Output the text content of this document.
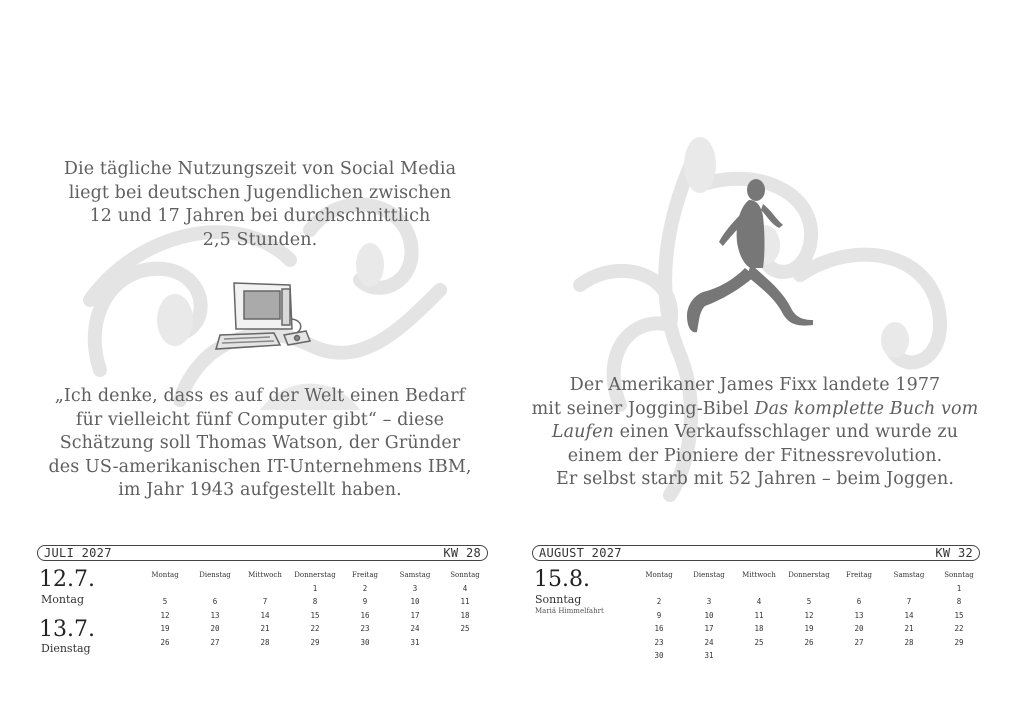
Die tägliche Nutzungszeit von Social Media
liegt bei deutschen Jugendlichen zwischen
12 und 17 Jahren bei durchschnittlich
2,5 Stunden.
„Ich denke, dass es auf der Welt einen Bedarf
für vielleicht fünf Computer gibt“ – diese
Schätzung soll Thomas Watson, der Gründer
des US-amerikanischen IT-Unternehmens IBM,
im Jahr 1943 aufgestellt haben.
JULI 2027	KW 28
12.7.
Montag
13.7.
Dienstag
Montag	Dienstag	Mittwoch	Donnerstag	Freitag	Samstag	Sonntag
			1	2	3	4
5	6	7	8	9	10	11
12	13	14	15	16	17	18
19	20	21	22	23	24	25
26	27	28	29	30	31	
Der Amerikaner James Fixx landete 1977
mit seiner Jogging-Bibel Das komplette Buch vom
Laufen einen Verkaufsschlager und wurde zu
einem der Pioniere der Fitnessrevolution.
Er selbst starb mit 52 Jahren – beim Joggen.
AUGUST 2027	KW 32
15.8.
Sonntag
Mariä Himmelfahrt
Montag	Dienstag	Mittwoch	Donnerstag	Freitag	Samstag	Sonntag
						1
2	3	4	5	6	7	8
9	10	11	12	13	14	15
16	17	18	19	20	21	22
23	24	25	26	27	28	29
30	31					
